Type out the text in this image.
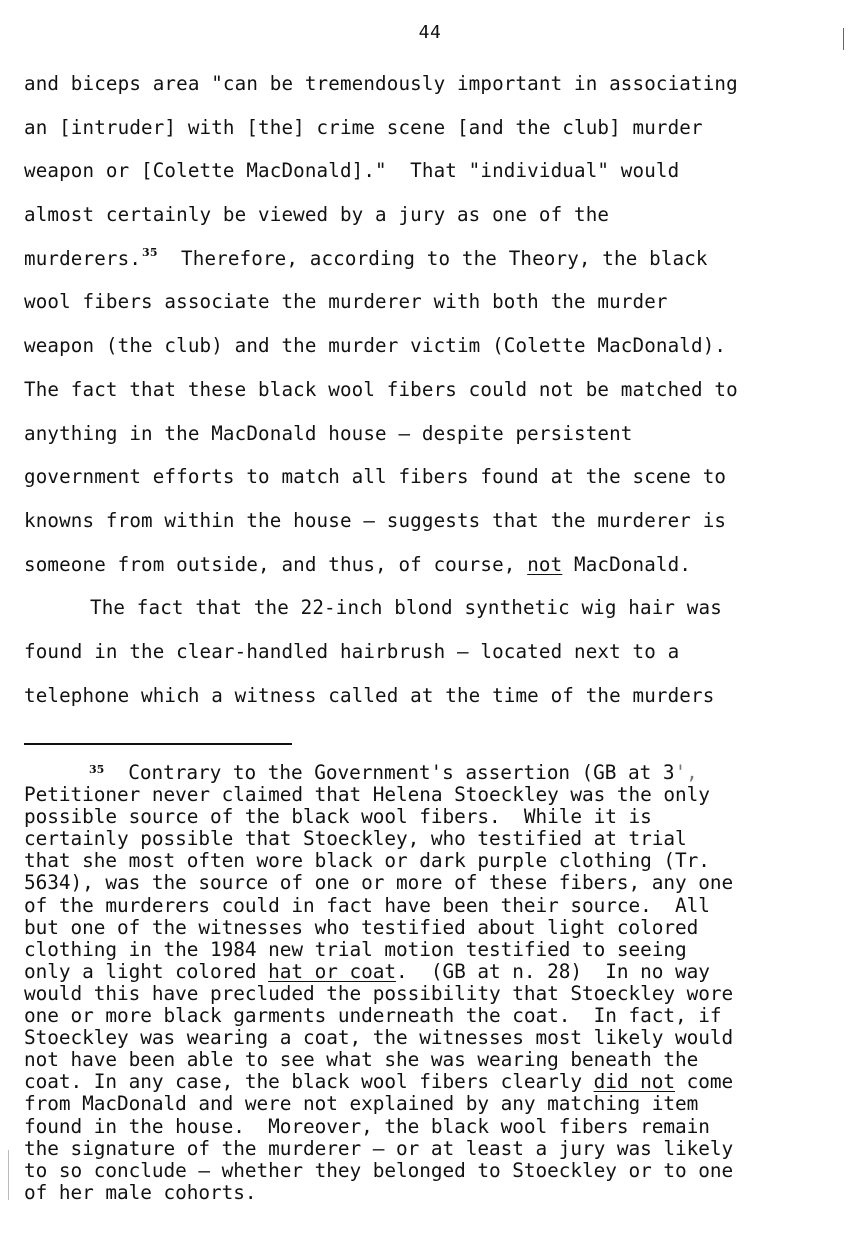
44
and biceps area "can be tremendously important in associating
an [intruder] with [the] crime scene [and the club] murder
weapon or [Colette MacDonald]."  That "individual" would
almost certainly be viewed by a jury as one of the
murderers.$^{35}$  Therefore, according to the Theory, the black
wool fibers associate the murderer with both the murder
weapon (the club) and the murder victim (Colette MacDonald).
The fact that these black wool fibers could not be matched to
anything in the MacDonald house — despite persistent
government efforts to match all fibers found at the scene to
knowns from within the house — suggests that the murderer is
someone from outside, and thus, of course, not MacDonald.
The fact that the 22-inch blond synthetic wig hair was
found in the clear-handled hairbrush — located next to a
telephone which a witness called at the time of the murders
$^{35}$ Contrary to the Government's assertion (GB at 3',
Petitioner never claimed that Helena Stoeckley was the only
possible source of the black wool fibers.  While it is
certainly possible that Stoeckley, who testified at trial
that she most often wore black or dark purple clothing (Tr.
5634), was the source of one or more of these fibers, any one
of the murderers could in fact have been their source.  All
but one of the witnesses who testified about light colored
clothing in the 1984 new trial motion testified to seeing
only a light colored hat or coat.  (GB at n. 28)  In no way
would this have precluded the possibility that Stoeckley wore
one or more black garments underneath the coat.  In fact, if
Stoeckley was wearing a coat, the witnesses most likely would
not have been able to see what she was wearing beneath the
coat. In any case, the black wool fibers clearly did not come
from MacDonald and were not explained by any matching item
found in the house.  Moreover, the black wool fibers remain
the signature of the murderer — or at least a jury was likely
to so conclude — whether they belonged to Stoeckley or to one
of her male cohorts.
